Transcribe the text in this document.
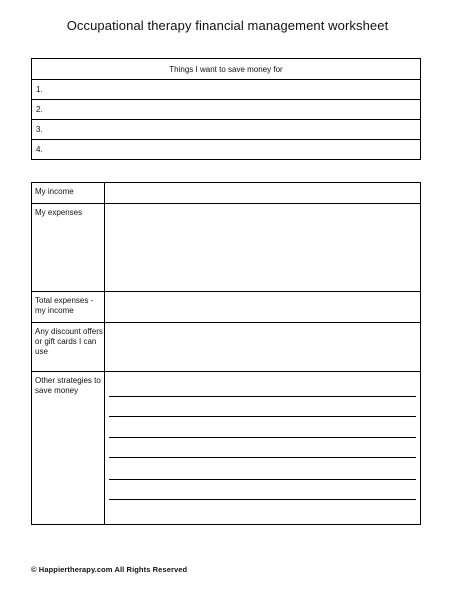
Occupational therapy financial management worksheet
Things I want to save money for
1.
2.
3.
4.
My income
My expenses
Total expenses - my income
Any discount offers or gift cards I can use
Other strategies to save money
© Happiertherapy.com All Rights Reserved
